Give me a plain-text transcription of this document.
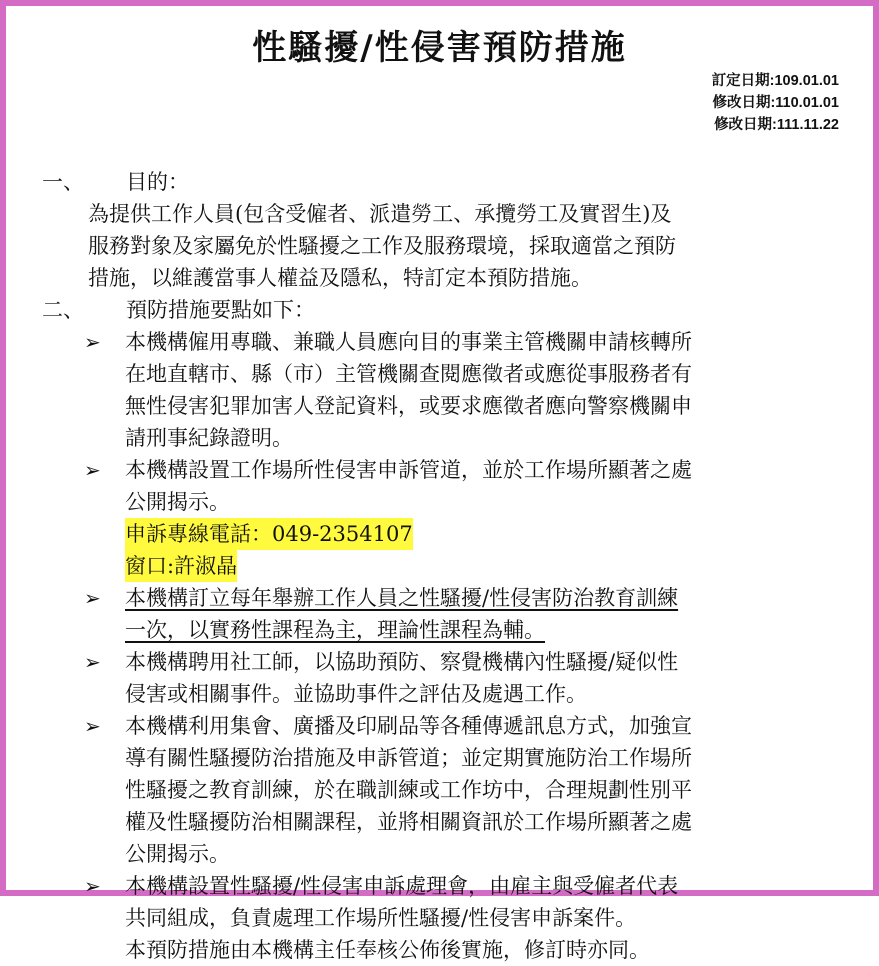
性騷擾/性侵害預防措施
訂定日期:109.01.01
修改日期:110.01.01
修改日期:111.11.22
一、 目的：
為提供工作人員(包含受僱者、派遣勞工、承攬勞工及實習生)及
服務對象及家屬免於性騷擾之工作及服務環境，採取適當之預防
措施，以維護當事人權益及隱私，特訂定本預防措施。
二、 預防措施要點如下：
➢ 本機構僱用專職、兼職人員應向目的事業主管機關申請核轉所
在地直轄市、縣（市）主管機關查閱應徵者或應從事服務者有
無性侵害犯罪加害人登記資料，或要求應徵者應向警察機關申
請刑事紀錄證明。
➢ 本機構設置工作場所性侵害申訴管道，並於工作場所顯著之處
公開揭示。
申訴專線電話：049-2354107
窗口:許淑晶
➢ 本機構訂立每年舉辦工作人員之性騷擾/性侵害防治教育訓練
一次，以實務性課程為主，理論性課程為輔。
➢ 本機構聘用社工師，以協助預防、察覺機構內性騷擾/疑似性
侵害或相關事件。並協助事件之評估及處遇工作。
➢ 本機構利用集會、廣播及印刷品等各種傳遞訊息方式，加強宣
導有關性騷擾防治措施及申訴管道；並定期實施防治工作場所
性騷擾之教育訓練，於在職訓練或工作坊中，合理規劃性別平
權及性騷擾防治相關課程，並將相關資訊於工作場所顯著之處
公開揭示。
➢ 本機構設置性騷擾/性侵害申訴處理會，由雇主與受僱者代表
共同組成，負責處理工作場所性騷擾/性侵害申訴案件。
本預防措施由本機構主任奉核公佈後實施，修訂時亦同。
